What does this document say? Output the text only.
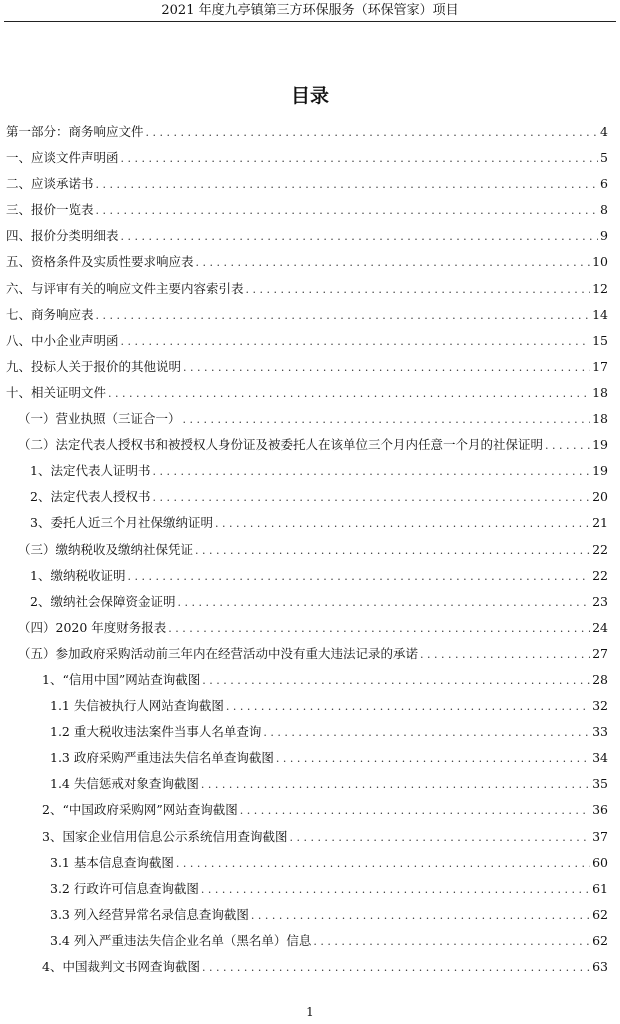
2021 年度九亭镇第三方环保服务（环保管家）项目
目录
第一部分：商务响应文件 . . .	4
一、应谈文件声明函 . . .	5
二、应谈承诺书 . . .	6
三、报价一览表 . . .	8
四、报价分类明细表 . . .	9
五、资格条件及实质性要求响应表 . . .	10
六、与评审有关的响应文件主要内容索引表 . . .	12
七、商务响应表 . . .	14
八、中小企业声明函 . . .	15
九、投标人关于报价的其他说明 . . .	17
十、相关证明文件 . . .	18
（一）营业执照（三证合一） . . .	18
（二）法定代表人授权书和被授权人身份证及被委托人在该单位三个月内任意一个月的社保证明 . . .	19
1、法定代表人证明书 . . .	19
2、法定代表人授权书 . . .	20
3、委托人近三个月社保缴纳证明 . . .	21
（三）缴纳税收及缴纳社保凭证 . . .	22
1、缴纳税收证明 . . .	22
2、缴纳社会保障资金证明 . . .	23
（四）2020 年度财务报表 . . .	24
（五）参加政府采购活动前三年内在经营活动中没有重大违法记录的承诺 . . .	27
1、“信用中国”网站查询截图 . . .	28
1.1 失信被执行人网站查询截图 . . .	32
1.2 重大税收违法案件当事人名单查询 . . .	33
1.3 政府采购严重违法失信名单查询截图 . . .	34
1.4 失信惩戒对象查询截图 . . .	35
2、“中国政府采购网”网站查询截图 . . .	36
3、国家企业信用信息公示系统信用查询截图 . . .	37
3.1 基本信息查询截图 . . .	60
3.2 行政许可信息查询截图 . . .	61
3.3 列入经营异常名录信息查询截图 . . .	62
3.4 列入严重违法失信企业名单（黑名单）信息 . . .	62
4、中国裁判文书网查询截图 . . .	63
1
